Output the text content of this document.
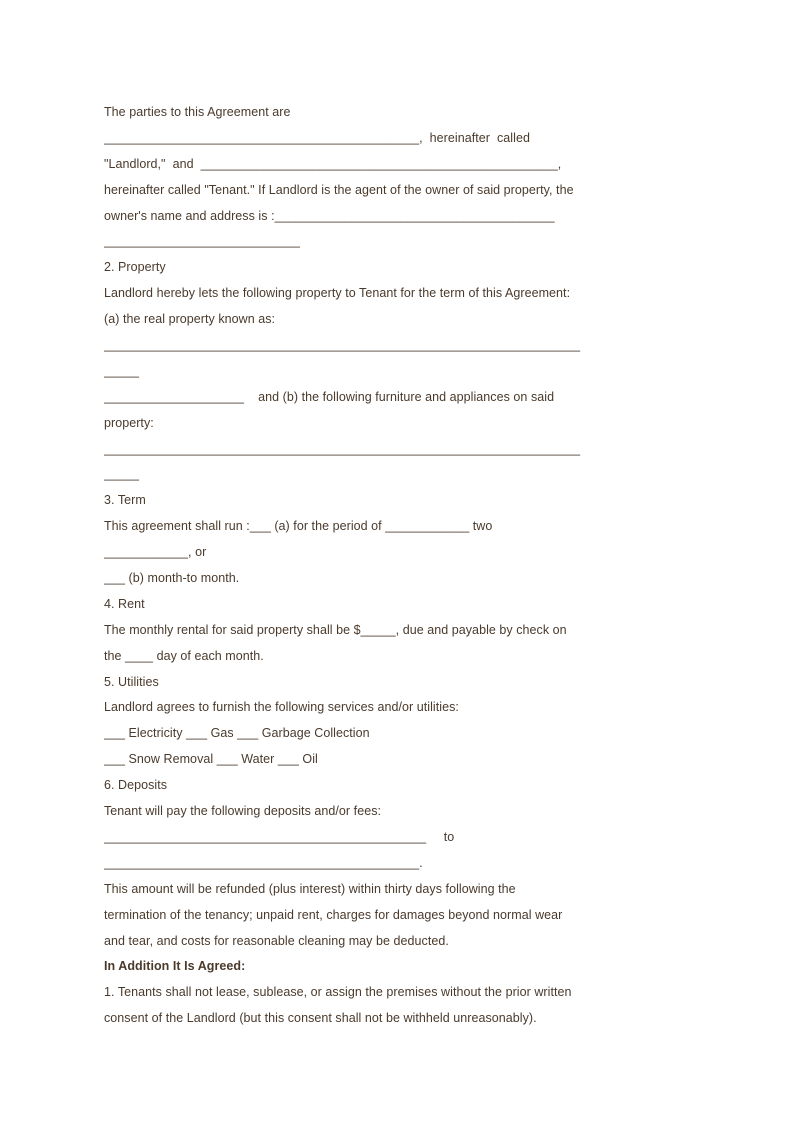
The parties to this Agreement are
_____________________________________________,  hereinafter  called
"Landlord,"  and  ___________________________________________________,
hereinafter called "Tenant." If Landlord is the agent of the owner of said property, the
owner's name and address is :________________________________________
____________________________
2. Property
Landlord hereby lets the following property to Tenant for the term of this Agreement:
(a) the real property known as:
____________________________________________________________________
_____
____________________    and (b) the following furniture and appliances on said
property:
____________________________________________________________________
_____
3. Term
This agreement shall run :___ (a) for the period of ____________ two
____________, or
___ (b) month-to month.
4. Rent
The monthly rental for said property shall be $_____, due and payable by check on
the ____ day of each month.
5. Utilities
Landlord agrees to furnish the following services and/or utilities:
___ Electricity ___ Gas ___ Garbage Collection
___ Snow Removal ___ Water ___ Oil
6. Deposits
Tenant will pay the following deposits and/or fees:
______________________________________________     to
_____________________________________________.
This amount will be refunded (plus interest) within thirty days following the
termination of the tenancy; unpaid rent, charges for damages beyond normal wear
and tear, and costs for reasonable cleaning may be deducted.
In Addition It Is Agreed:
1. Tenants shall not lease, sublease, or assign the premises without the prior written
consent of the Landlord (but this consent shall not be withheld unreasonably).
